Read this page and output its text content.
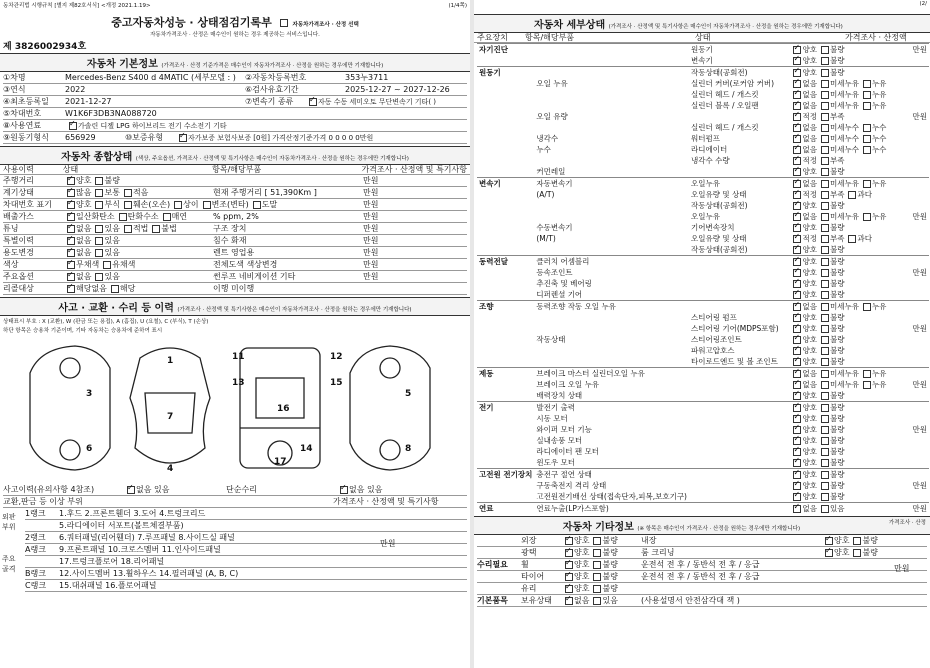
동차관리법 시행규칙 [별지 제82호서식] <개정 2021.1.19>	(1/4쪽)
중고자동차성능 · 상태점검기록부	자동차가격조사 · 산정 선택
자동차가격조사 · 산정은 매수인이 원하는 경우 제공하는 서비스입니다.
제 3826002934호
자동차 기본정보 (가격조사 · 산정 기준가격은 매수인이 자동차가격조사 · 산정을 원하는 경우에만 기재합니다)
①차명	Mercedes-Benz S400 d 4MATIC (세부모델 : )	②자동차등록번호	353누3711
③연식	2022	⑥검사유효기간	2025-12-27 ~ 2027-12-26
④최초등록일	2021-12-27	⑦변속기 종류 ✓	자동 수동 세미오토 무단변속기 기타( )
⑤차대번호	W1K6F3DB3NA088720
⑧사용연료 ✓	가솔린 디젤 LPG 하이브리드 전기 수소전기 기타
⑨원동기형식	656929	⑩보증유형 ✓	자가보증 보험사보증 [0원] 가격산정기준가격 0 0 0 0 0만원
자동차 종합상태 (색상, 주요옵션, 가격조사 · 산정액 및 특기사항은 매수인이 자동차가격조사 · 산정을 원하는 경우에만 기재합니다)
사용이력	상태	항목/해당부품	가격조사 · 산정액 및 특기사항
주행거리 ✓	양호 불량	만원
계기상태 ✓	많음 보통 적음	현재 주행거리 [ 51,390Km ]	만원
차대번호 표기 ✓	양호 부식 훼손(오손) 상이 변조(변타) 도말	만원
배출가스 ✓	일산화탄소 탄화수소 매연	% ppm, 2%	만원
튜닝 ✓	없음 있음 적법 불법	구조 장치	만원
특별이력 ✓	없음 있음	침수 화재	만원
용도변경 ✓	없음 있음	렌트 영업용	만원
색상 ✓	무채색 유채색	전체도색 색상변경	만원
주요옵션 ✓	없음 있음	썬루프 네비게이션 기타	만원
리콜대상 ✓	해당없음 해당	이행 미이행
사고 · 교환 · 수리 등 이력 (가격조사 · 산정액 및 특기사항은 매수인이 자동차가격조사 · 산정을 원하는 경우에만 기재합니다)
상태표시 부호 : X (교환), W (판금 또는 용접), A (흠집), U (요철), C (부식), T (손상)
하단 항목은 승용차 기준이며, 기타 자동차는 승용차에 준하여 표시
3
6
1
7
4
11
13
16
14
17
12
15
5
8
사고이력(유의사항 4참조) ✓	없음 있음	단순수리 ✓	없음 있음
교환,판금 등 이상 부위	가격조사 · 산정액 및 특기사항
외판부위
주요골격
1랭크	1.후드 2.프론트휀더 3.도어 4.트렁크리드
5.라디에이터 서포트(볼트체결부품)
2랭크	6.쿼터패널(리어휀더) 7.루프패널 8.사이드실 패널
A랭크	9.프론트패널 10.크로스멤버 11.인사이드패널
17.트렁크플로어 18.리어패널
B랭크	12.사이드멤버 13.휠하우스 14.필러패널 (A, B, C)
C랭크	15.대쉬패널 16.플로어패널
만원
(2/
자동차 세부상태 (가격조사 · 산정액 및 특기사항은 매수인이 자동차가격조사 · 산정을 원하는 경우에만 기재합니다)
주요장치	항목/해당부품	상태	가격조사 · 산정액
자기진단		원동기	✓양호 불량	만원
		변속기	✓양호 불량	
원동기		작동상태(공회전)	✓양호 불량	
	오일 누유	실린더 커버(로커암 커버)	✓없음 미세누유 누유	
		실린더 헤드 / 개스킷	✓없음 미세누유 누유	
		실린더 블록 / 오일팬	✓없음 미세누유 누유	
	오일 유량		✓적정 부족	만원
		실린더 헤드 / 개스킷	✓없음 미세누수 누수	
	냉각수	워터펌프	✓없음 미세누수 누수	
	누수	라디에이터	✓없음 미세누수 누수	
		냉각수 수량	✓적정 부족	
	커먼레일		✓양호 불량	
변속기	자동변속기	오일누유	✓없음 미세누유 누유	
	(A/T)	오일유량 및 상태	✓적정 부족 과다	
		작동상태(공회전)	✓양호 불량	
		오일누유	✓없음 미세누유 누유	만원
	수동변속기	기어변속장치	✓양호 불량	
	(M/T)	오일유량 및 상태	✓적정 부족 과다	
		작동상태(공회전)	✓양호 불량	
동력전달	클러치 어셈블리		✓양호 불량	
	등속조인트		✓양호 불량	만원
	추진축 및 베어링		✓양호 불량	
	디퍼렌셜 기어		✓양호 불량	
조향	동력조향 작동 오일 누유		✓없음 미세누유 누유	
		스티어링 펌프	✓양호 불량	
		스티어링 기어(MDPS포함)	✓양호 불량	만원
	작동상태	스티어링조인트	✓양호 불량	
		파워고압호스	✓양호 불량	
		타이로드엔드 및 볼 조인트	✓양호 불량	
제동	브레이크 마스터 실린더오일 누유		✓없음 미세누유 누유	
	브레이크 오일 누유		✓없음 미세누유 누유	만원
	배력장치 상태		✓양호 불량	
전기	발전기 출력		✓양호 불량	
	시동 모터		✓양호 불량	
	와이퍼 모터 기능		✓양호 불량	만원
	실내송풍 모터		✓양호 불량	
	라디에이터 팬 모터		✓양호 불량	
	윈도우 모터		✓양호 불량	
고전원 전기장치	충전구 절연 상태		✓양호 불량	
	구동축전지 격리 상태		✓양호 불량	만원
	고전원전기배선 상태(접속단자,피복,보호기구)		✓양호 불량	
연료	연료누출(LP가스포함)		✓없음 있음	만원
자동차 기타정보 (※ 항목은 매수인이 가격조사 · 산정을 원하는 경우에만 기재합니다)
가격조사 · 산정
외장 ✓	양호 불량	내장 ✓	양호 불량
광택 ✓	양호 불량	룸 크리닝 ✓	양호 불량
수리필요	휠 ✓	양호 불량	운전석 전 후 / 동반석 전 후 / 응급
타이어 ✓	양호 불량	운전석 전 후 / 동반석 전 후 / 응급
유리 ✓	양호 불량
기본품목	보유상태 ✓	없음 있음	(사용설명서 안전삼각대 잭 )
만원
